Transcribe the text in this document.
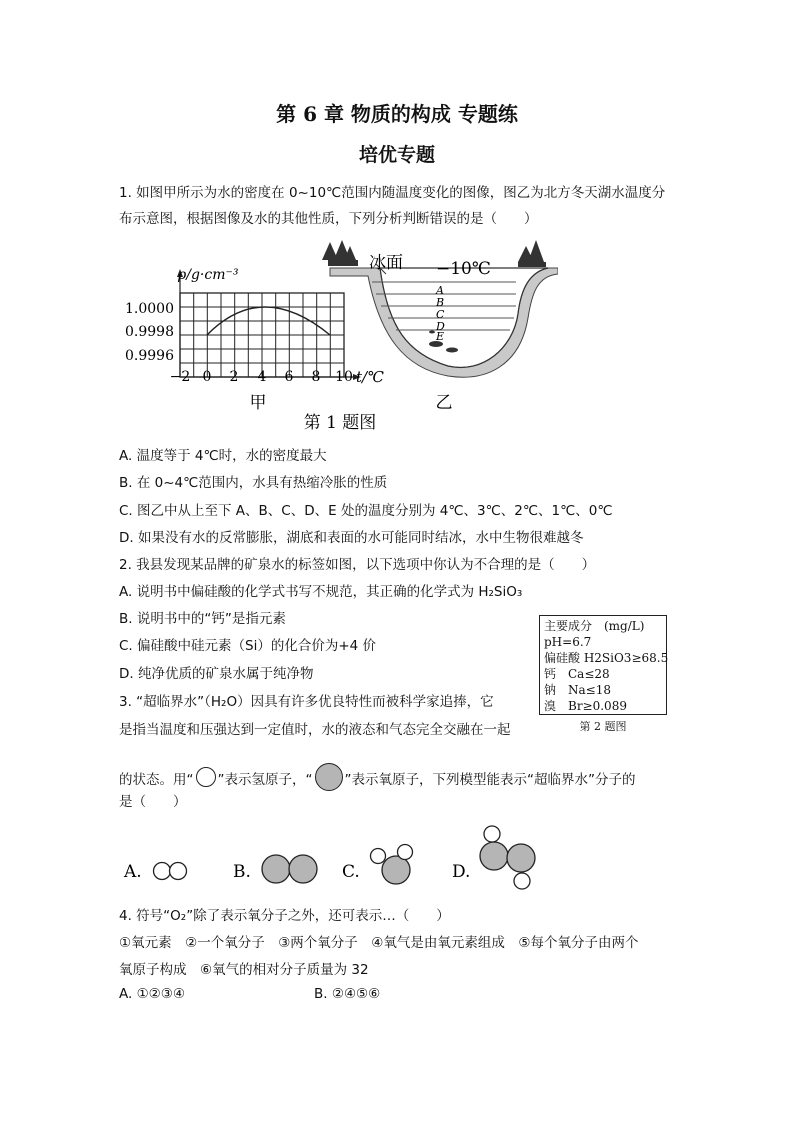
第 6 章 物质的构成 专题练
培优专题
1. 如图甲所示为水的密度在 0~10℃范围内随温度变化的图像，图乙为北方冬天湖水温度分
布示意图，根据图像及水的其他性质，下列分析判断错误的是（　　）
ρ/g·cm⁻³
1.0000
0.9998
0.9996
−2 0 2 4 6 8 10 t/℃
甲
冰面 −10℃
A
B
C
D
E
乙
第 1 题图
A. 温度等于 4℃时，水的密度最大
B. 在 0~4℃范围内，水具有热缩冷胀的性质
C. 图乙中从上至下 A、B、C、D、E 处的温度分别为 4℃、3℃、2℃、1℃、0℃
D. 如果没有水的反常膨胀，湖底和表面的水可能同时结冰，水中生物很难越冬
2. 我县发现某品牌的矿泉水的标签如图，以下选项中你认为不合理的是（　　）
A. 说明书中偏硅酸的化学式书写不规范，其正确的化学式为 H₂SiO₃
B. 说明书中的“钙”是指元素
C. 偏硅酸中硅元素（Si）的化合价为+4 价
D. 纯净优质的矿泉水属于纯净物
主要成分　(mg/L)
pH=6.7
偏硅酸 H2SiO3≥68.5
钙　Ca≤28
钠　Na≤18
溴　Br≥0.089
第 2 题图
3. “超临界水”（H₂O）因具有许多优良特性而被科学家追捧，它
是指当温度和压强达到一定值时，水的液态和气态完全交融在一起
的状态。用“ ”表示氢原子，“ ”表示氧原子，下列模型能表示“超临界水”分子的
是（　　）
A.	B.	C.	D.
4. 符号“O₂”除了表示氧分子之外，还可表示…（　　）
①氧元素　②一个氧分子　③两个氧分子　④氧气是由氧元素组成　⑤每个氧分子由两个
氧原子构成　⑥氧气的相对分子质量为 32
A. ①②③④	B. ②④⑤⑥
